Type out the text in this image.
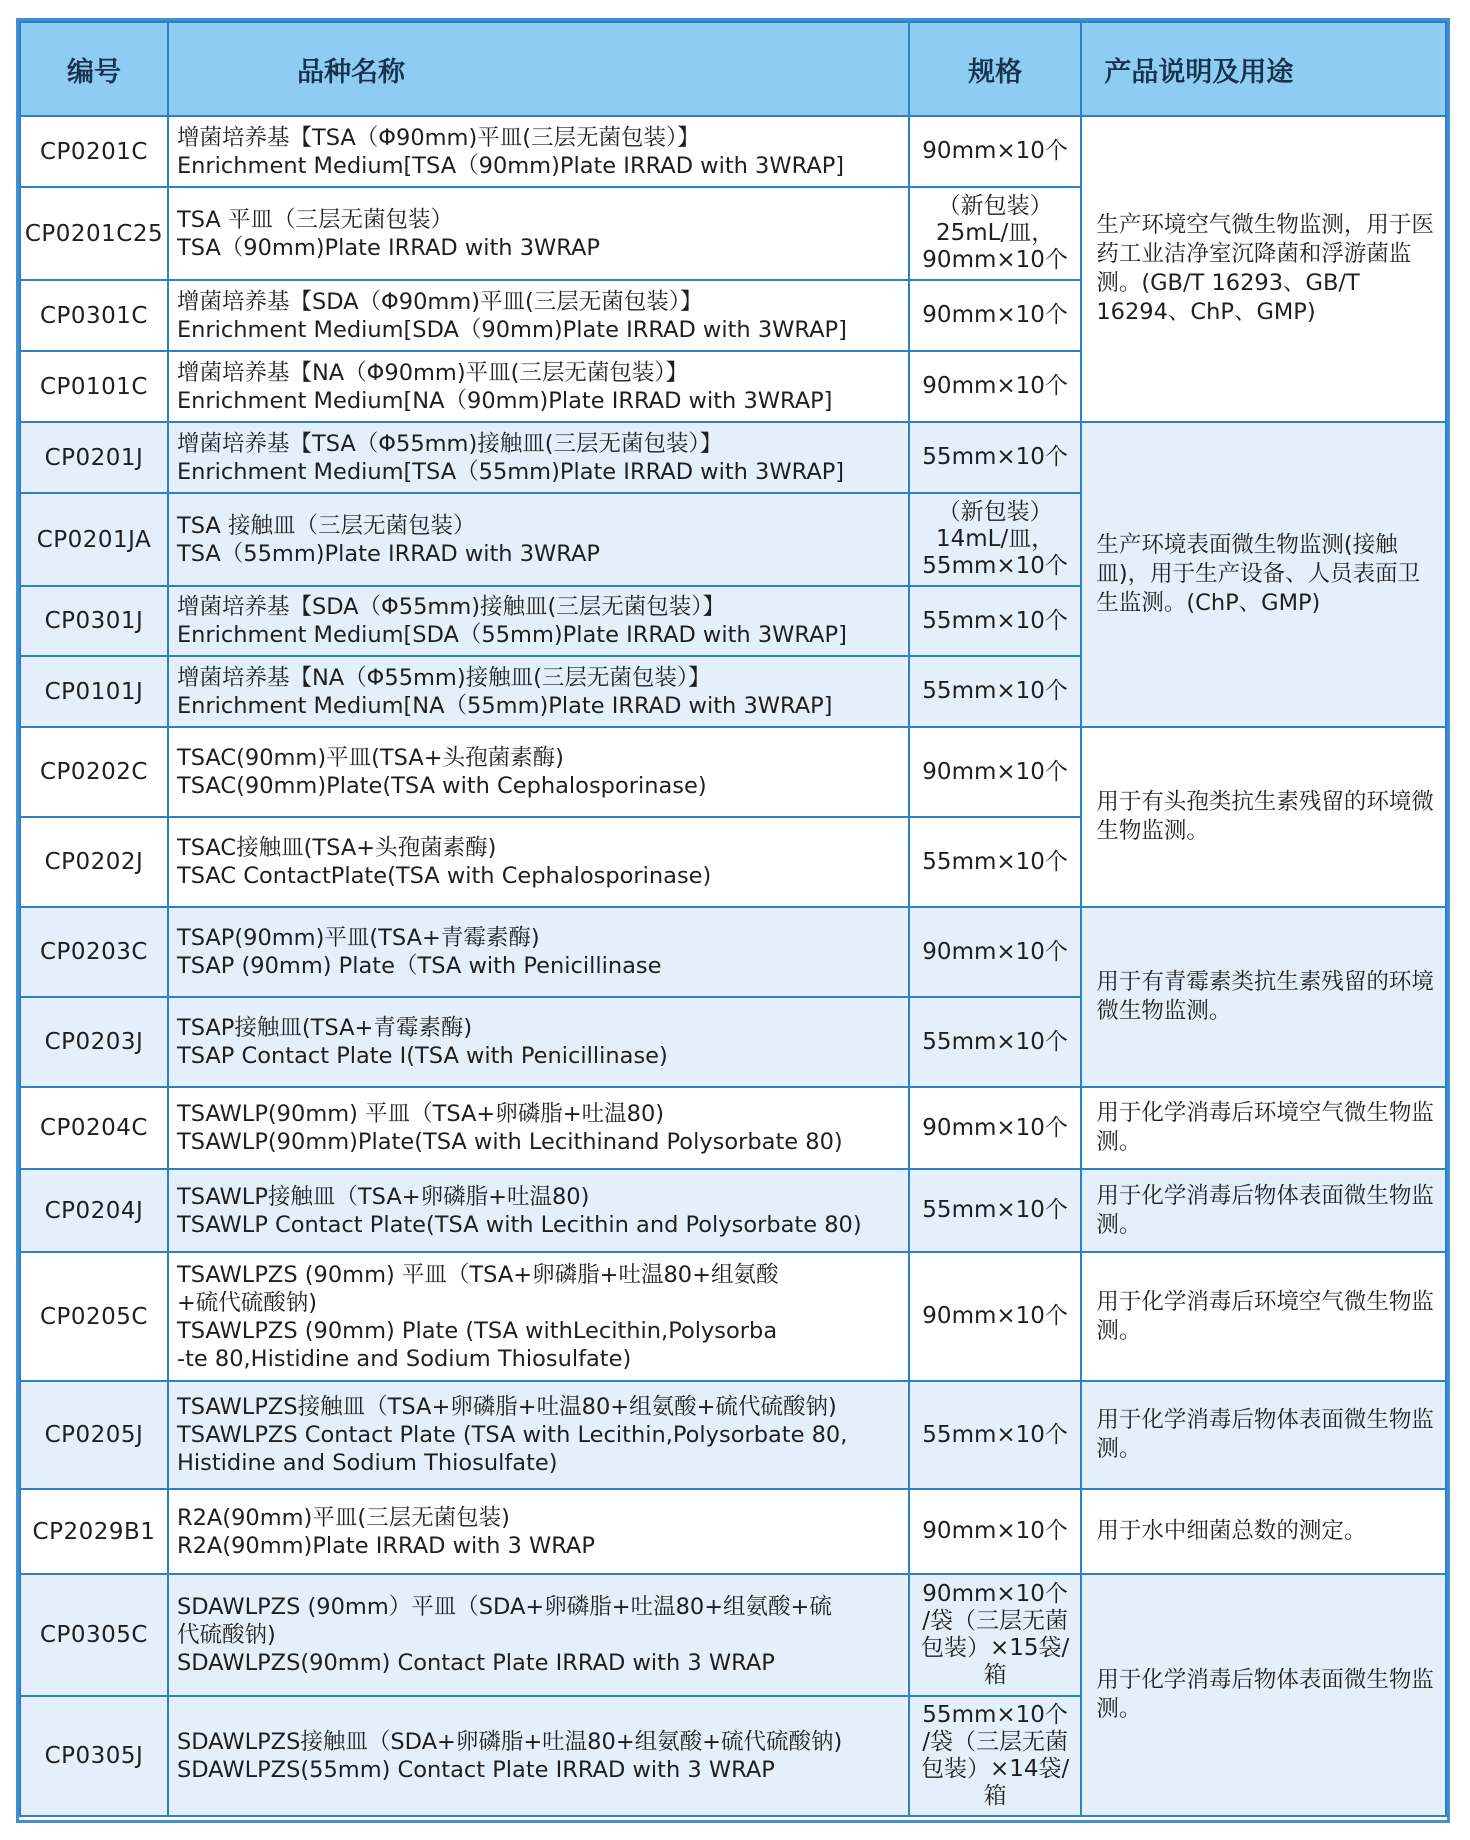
编号	品种名称	规格	产品说明及用途
CP0201C	增菌培养基【TSA（Φ90mm)平皿(三层无菌包装）】
Enrichment Medium[TSA（90mm)Plate IRRAD with 3WRAP]	90mm×10个	生产环境空气微生物监测，用于医药工业洁净室沉降菌和浮游菌监测。(GB/T 16293、GB/T 16294、ChP、GMP)
CP0201C25	TSA 平皿（三层无菌包装）
TSA（90mm)Plate IRRAD with 3WRAP	（新包装）
25mL/皿，
90mm×10个	
CP0301C	增菌培养基【SDA（Φ90mm)平皿(三层无菌包装）】
Enrichment Medium[SDA（90mm)Plate IRRAD with 3WRAP]	90mm×10个	
CP0101C	增菌培养基【NA（Φ90mm)平皿(三层无菌包装）】
Enrichment Medium[NA（90mm)Plate IRRAD with 3WRAP]	90mm×10个	
CP0201J	增菌培养基【TSA（Φ55mm)接触皿(三层无菌包装）】
Enrichment Medium[TSA（55mm)Plate IRRAD with 3WRAP]	55mm×10个	生产环境表面微生物监测(接触皿)，用于生产设备、人员表面卫生监测。(ChP、GMP)
CP0201JA	TSA 接触皿（三层无菌包装）
TSA（55mm)Plate IRRAD with 3WRAP	（新包装）
14mL/皿，
55mm×10个	
CP0301J	增菌培养基【SDA（Φ55mm)接触皿(三层无菌包装）】
Enrichment Medium[SDA（55mm)Plate IRRAD with 3WRAP]	55mm×10个	
CP0101J	增菌培养基【NA（Φ55mm)接触皿(三层无菌包装）】
Enrichment Medium[NA（55mm)Plate IRRAD with 3WRAP]	55mm×10个	
CP0202C	TSAC(90mm)平皿(TSA+头孢菌素酶)
TSAC(90mm)Plate(TSA with Cephalosporinase)	90mm×10个	用于有头孢类抗生素残留的环境微生物监测。
CP0202J	TSAC接触皿(TSA+头孢菌素酶)
TSAC ContactPlate(TSA with Cephalosporinase)	55mm×10个	
CP0203C	TSAP(90mm)平皿(TSA+青霉素酶)
TSAP (90mm) Plate（TSA with Penicillinase	90mm×10个	用于有青霉素类抗生素残留的环境微生物监测。
CP0203J	TSAP接触皿(TSA+青霉素酶)
TSAP Contact Plate I(TSA with Penicillinase)	55mm×10个	
CP0204C	TSAWLP(90mm) 平皿（TSA+卵磷脂+吐温80)
TSAWLP(90mm)Plate(TSA with Lecithinand Polysorbate 80)	90mm×10个	用于化学消毒后环境空气微生物监测。
CP0204J	TSAWLP接触皿（TSA+卵磷脂+吐温80)
TSAWLP Contact Plate(TSA with Lecithin and Polysorbate 80)	55mm×10个	用于化学消毒后物体表面微生物监测。
CP0205C	TSAWLPZS (90mm) 平皿（TSA+卵磷脂+吐温80+组氨酸
+硫代硫酸钠)
TSAWLPZS (90mm) Plate (TSA withLecithin,Polysorba
-te 80,Histidine and Sodium Thiosulfate)	90mm×10个	用于化学消毒后环境空气微生物监测。
CP0205J	TSAWLPZS接触皿（TSA+卵磷脂+吐温80+组氨酸+硫代硫酸钠)
TSAWLPZS Contact Plate (TSA with Lecithin,Polysorbate 80,
Histidine and Sodium Thiosulfate)	55mm×10个	用于化学消毒后物体表面微生物监测。
CP2029B1	R2A(90mm)平皿(三层无菌包装)
R2A(90mm)Plate IRRAD with 3 WRAP	90mm×10个	用于水中细菌总数的测定。
CP0305C	SDAWLPZS (90mm）平皿（SDA+卵磷脂+吐温80+组氨酸+硫
代硫酸钠)
SDAWLPZS(90mm) Contact Plate IRRAD with 3 WRAP	90mm×10个
/袋（三层无菌
包装）×15袋/
箱	用于化学消毒后物体表面微生物监测。
CP0305J	SDAWLPZS接触皿（SDA+卵磷脂+吐温80+组氨酸+硫代硫酸钠)
SDAWLPZS(55mm) Contact Plate IRRAD with 3 WRAP	55mm×10个
/袋（三层无菌
包装）×14袋/
箱	
